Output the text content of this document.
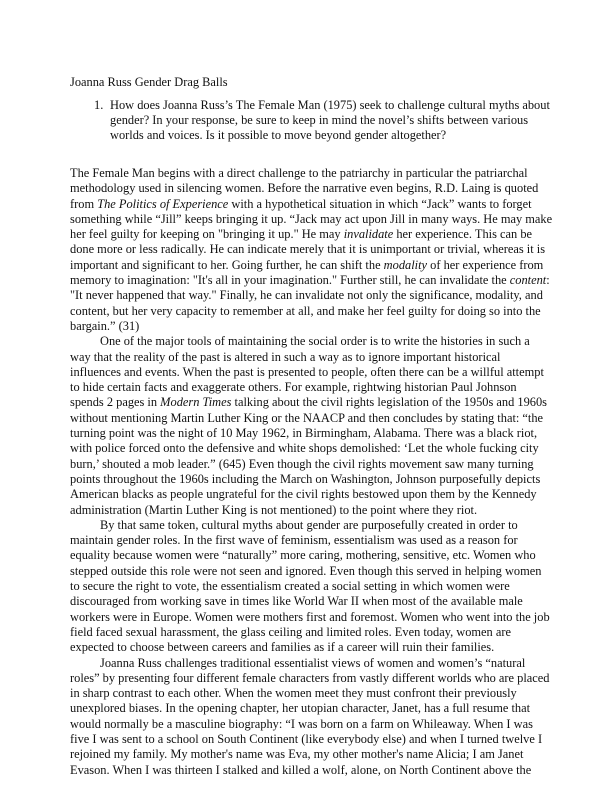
Joanna Russ Gender Drag Balls
1. How does Joanna Russ’s The Female Man (1975) seek to challenge cultural myths about
gender? In your response, be sure to keep in mind the novel’s shifts between various
worlds and voices. Is it possible to move beyond gender altogether?
The Female Man begins with a direct challenge to the patriarchy in particular the patriarchal
methodology used in silencing women. Before the narrative even begins, R.D. Laing is quoted
from The Politics of Experience with a hypothetical situation in which “Jack” wants to forget
something while “Jill” keeps bringing it up. “Jack may act upon Jill in many ways. He may make
her feel guilty for keeping on "bringing it up." He may invalidate her experience. This can be
done more or less radically. He can indicate merely that it is unimportant or trivial, whereas it is
important and significant to her. Going further, he can shift the modality of her experience from
memory to imagination: "It's all in your imagination." Further still, he can invalidate the content:
"It never happened that way." Finally, he can invalidate not only the significance, modality, and
content, but her very capacity to remember at all, and make her feel guilty for doing so into the
bargain.” (31)
One of the major tools of maintaining the social order is to write the histories in such a
way that the reality of the past is altered in such a way as to ignore important historical
influences and events. When the past is presented to people, often there can be a willful attempt
to hide certain facts and exaggerate others. For example, rightwing historian Paul Johnson
spends 2 pages in Modern Times talking about the civil rights legislation of the 1950s and 1960s
without mentioning Martin Luther King or the NAACP and then concludes by stating that: “the
turning point was the night of 10 May 1962, in Birmingham, Alabama. There was a black riot,
with police forced onto the defensive and white shops demolished: ‘Let the whole fucking city
burn,’ shouted a mob leader.” (645) Even though the civil rights movement saw many turning
points throughout the 1960s including the March on Washington, Johnson purposefully depicts
American blacks as people ungrateful for the civil rights bestowed upon them by the Kennedy
administration (Martin Luther King is not mentioned) to the point where they riot.
By that same token, cultural myths about gender are purposefully created in order to
maintain gender roles. In the first wave of feminism, essentialism was used as a reason for
equality because women were “naturally” more caring, mothering, sensitive, etc. Women who
stepped outside this role were not seen and ignored. Even though this served in helping women
to secure the right to vote, the essentialism created a social setting in which women were
discouraged from working save in times like World War II when most of the available male
workers were in Europe. Women were mothers first and foremost. Women who went into the job
field faced sexual harassment, the glass ceiling and limited roles. Even today, women are
expected to choose between careers and families as if a career will ruin their families.
Joanna Russ challenges traditional essentialist views of women and women’s “natural
roles” by presenting four different female characters from vastly different worlds who are placed
in sharp contrast to each other. When the women meet they must confront their previously
unexplored biases. In the opening chapter, her utopian character, Janet, has a full resume that
would normally be a masculine biography: “I was born on a farm on Whileaway. When I was
five I was sent to a school on South Continent (like everybody else) and when I turned twelve I
rejoined my family. My mother's name was Eva, my other mother's name Alicia; I am Janet
Evason. When I was thirteen I stalked and killed a wolf, alone, on North Continent above the
